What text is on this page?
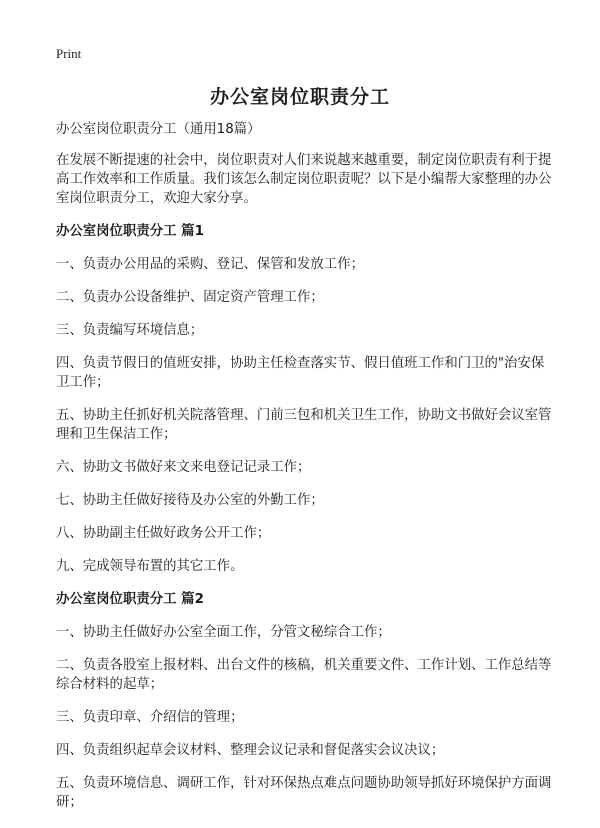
Print
办公室岗位职责分工

办公室岗位职责分工（通用18篇）

在发展不断提速的社会中，岗位职责对人们来说越来越重要，制定岗位职责有利于提高工作效率和工作质量。我们该怎么制定岗位职责呢？以下是小编帮大家整理的办公室岗位职责分工，欢迎大家分享。

办公室岗位职责分工 篇1

一、负责办公用品的采购、登记、保管和发放工作；

二、负责办公设备维护、固定资产管理工作；

三、负责编写环境信息；

四、负责节假日的值班安排，协助主任检查落实节、假日值班工作和门卫的"治安保卫工作；

五、协助主任抓好机关院落管理、门前三包和机关卫生工作，协助文书做好会议室管理和卫生保洁工作；

六、协助文书做好来文来电登记记录工作；

七、协助主任做好接待及办公室的外勤工作；

八、协助副主任做好政务公开工作；

九、完成领导布置的其它工作。

办公室岗位职责分工 篇2

一、协助主任做好办公室全面工作，分管文秘综合工作；

二、负责各股室上报材料、出台文件的核稿，机关重要文件、工作计划、工作总结等综合材料的起草；

三、负责印章、介绍信的管理；

四、负责组织起草会议材料、整理会议记录和督促落实会议决议；

五、负责环境信息、调研工作，针对环保热点难点问题协助领导抓好环境保护方面调研；
